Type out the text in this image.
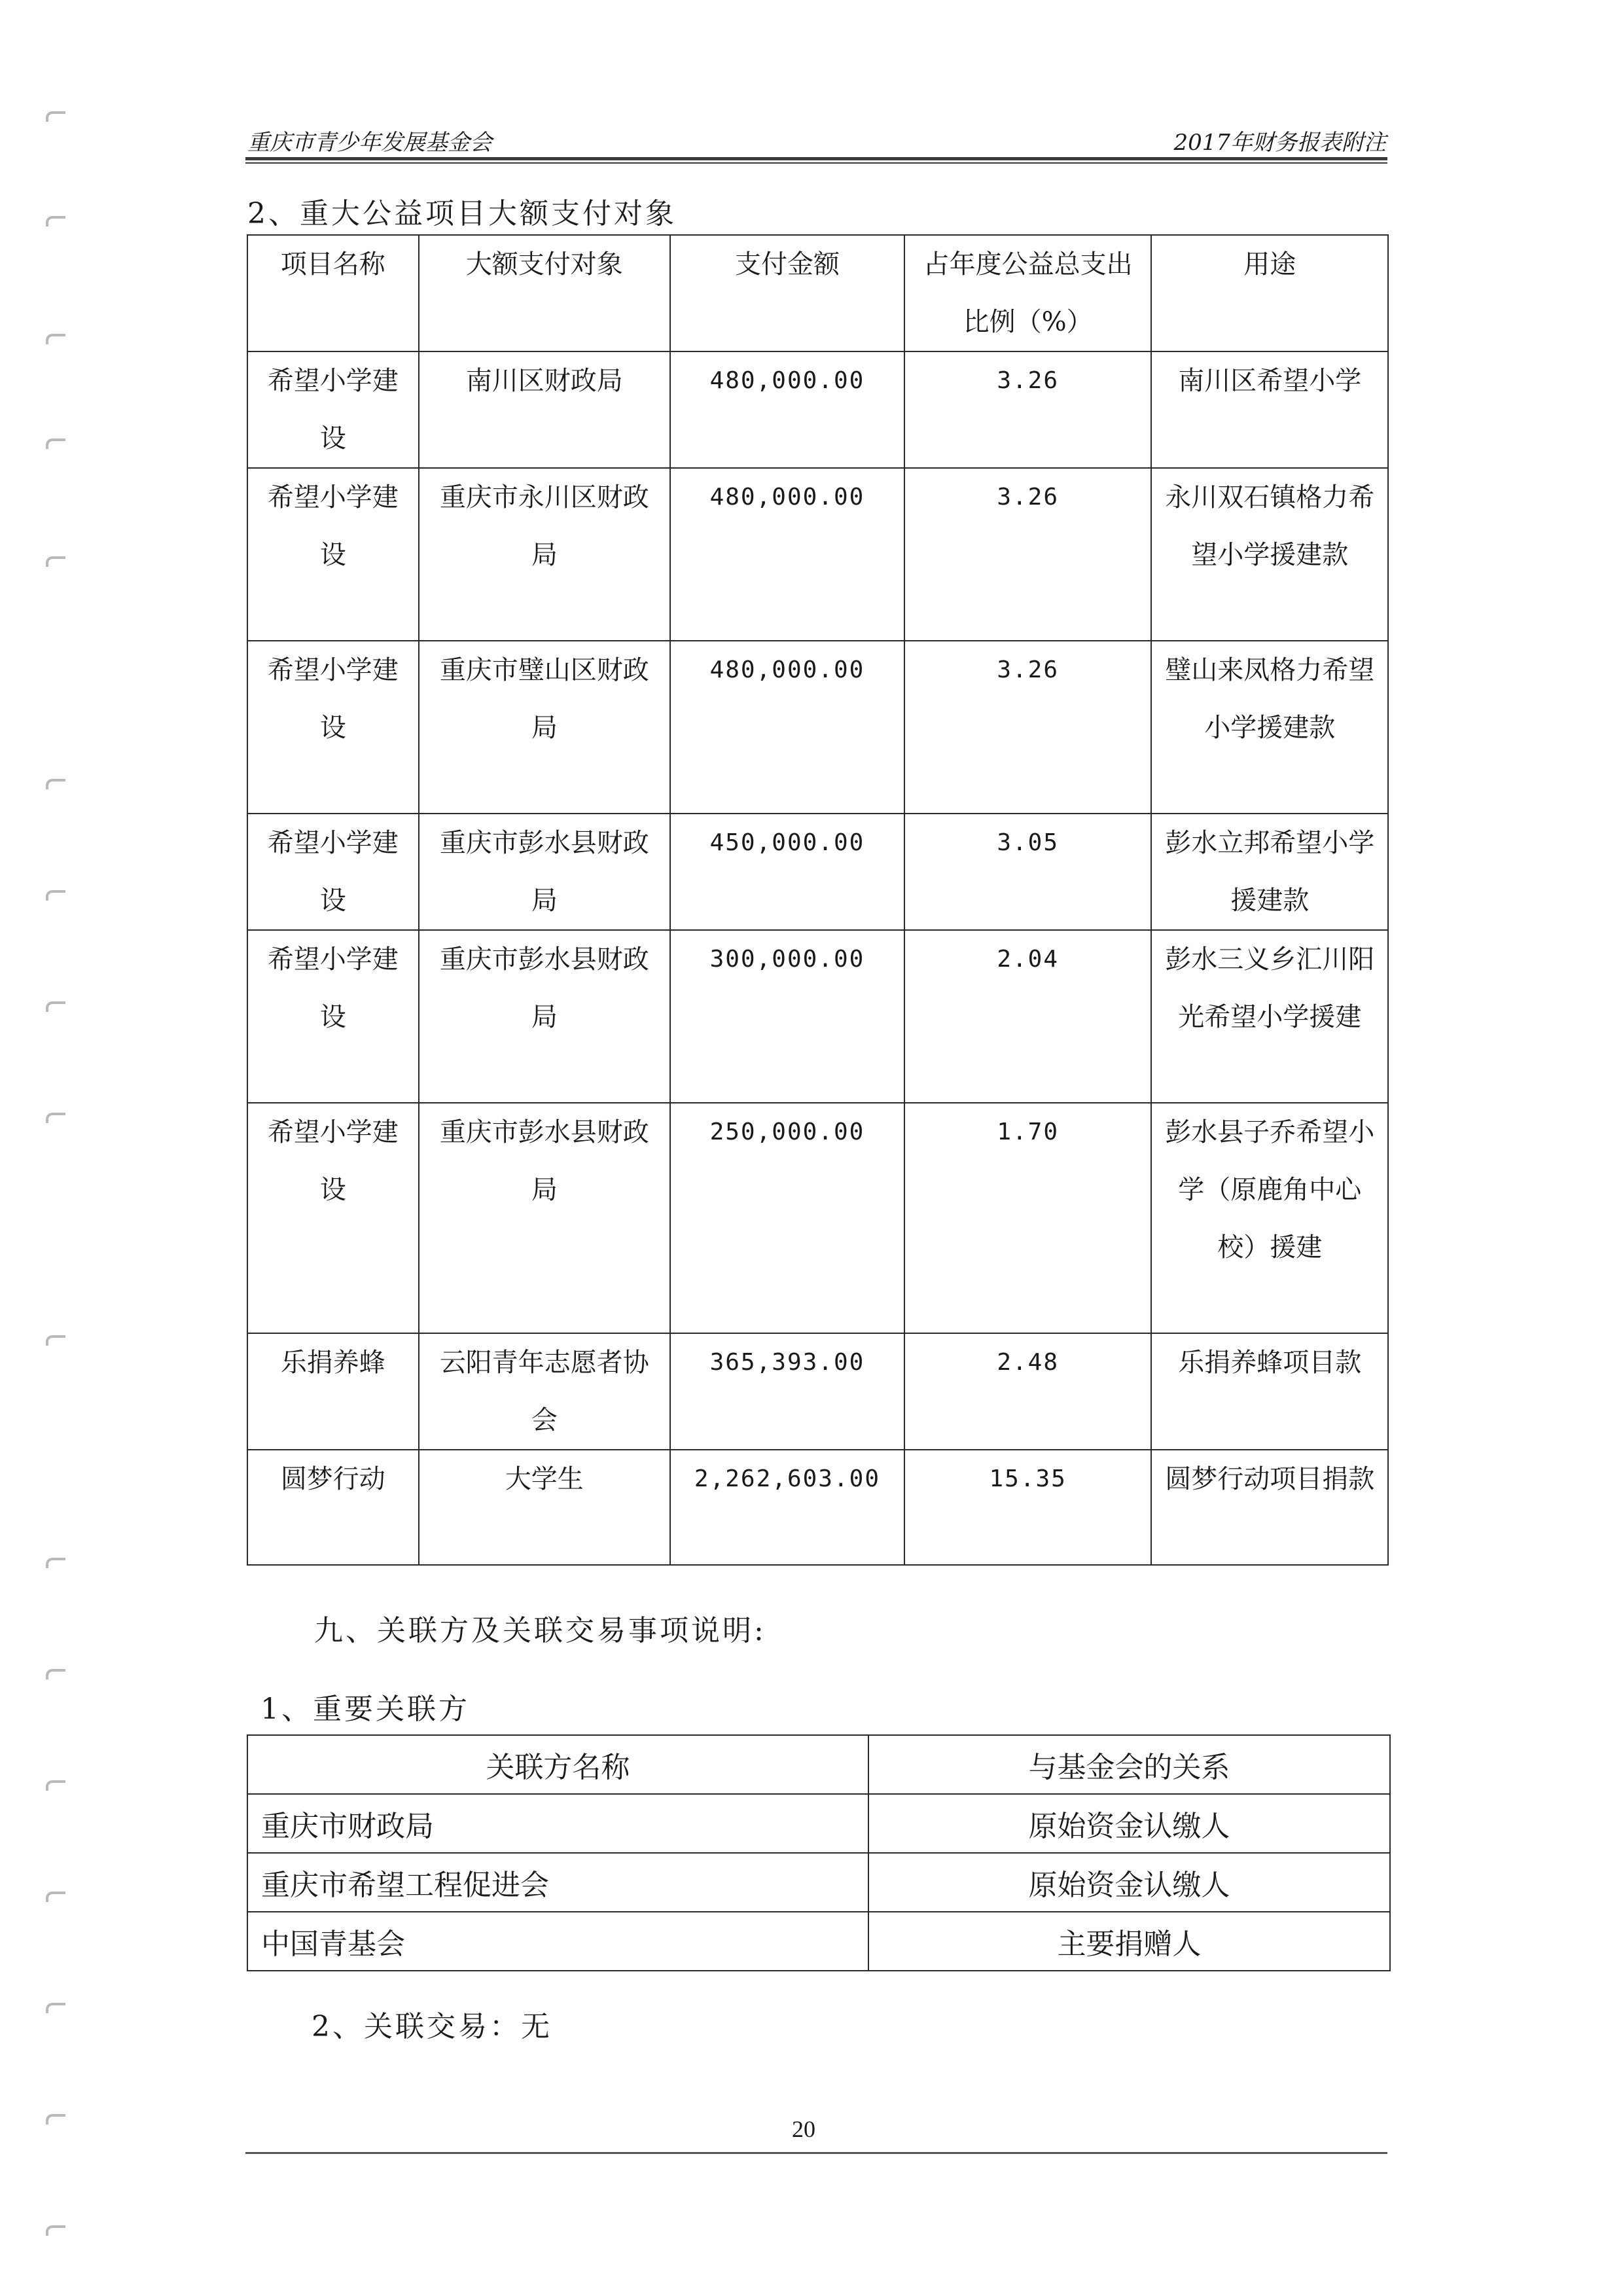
重庆市青少年发展基金会	2017年财务报表附注
2、重大公益项目大额支付对象
项目名称	大额支付对象	支付金额	占年度公益总支出比例（%）	用途
希望小学建设	南川区财政局	480,000.00	3.26	南川区希望小学
希望小学建设	重庆市永川区财政局	480,000.00	3.26	永川双石镇格力希望小学援建款
希望小学建设	重庆市璧山区财政局	480,000.00	3.26	璧山来凤格力希望小学援建款
希望小学建设	重庆市彭水县财政局	450,000.00	3.05	彭水立邦希望小学援建款
希望小学建设	重庆市彭水县财政局	300,000.00	2.04	彭水三义乡汇川阳光希望小学援建
希望小学建设	重庆市彭水县财政局	250,000.00	1.70	彭水县子乔希望小学（原鹿角中心校）援建
乐捐养蜂	云阳青年志愿者协会	365,393.00	2.48	乐捐养蜂项目款
圆梦行动	大学生	2,262,603.00	15.35	圆梦行动项目捐款
九、关联方及关联交易事项说明:
1、重要关联方
关联方名称	与基金会的关系
重庆市财政局	原始资金认缴人
重庆市希望工程促进会	原始资金认缴人
中国青基会	主要捐赠人
2、关联交易：无
20
